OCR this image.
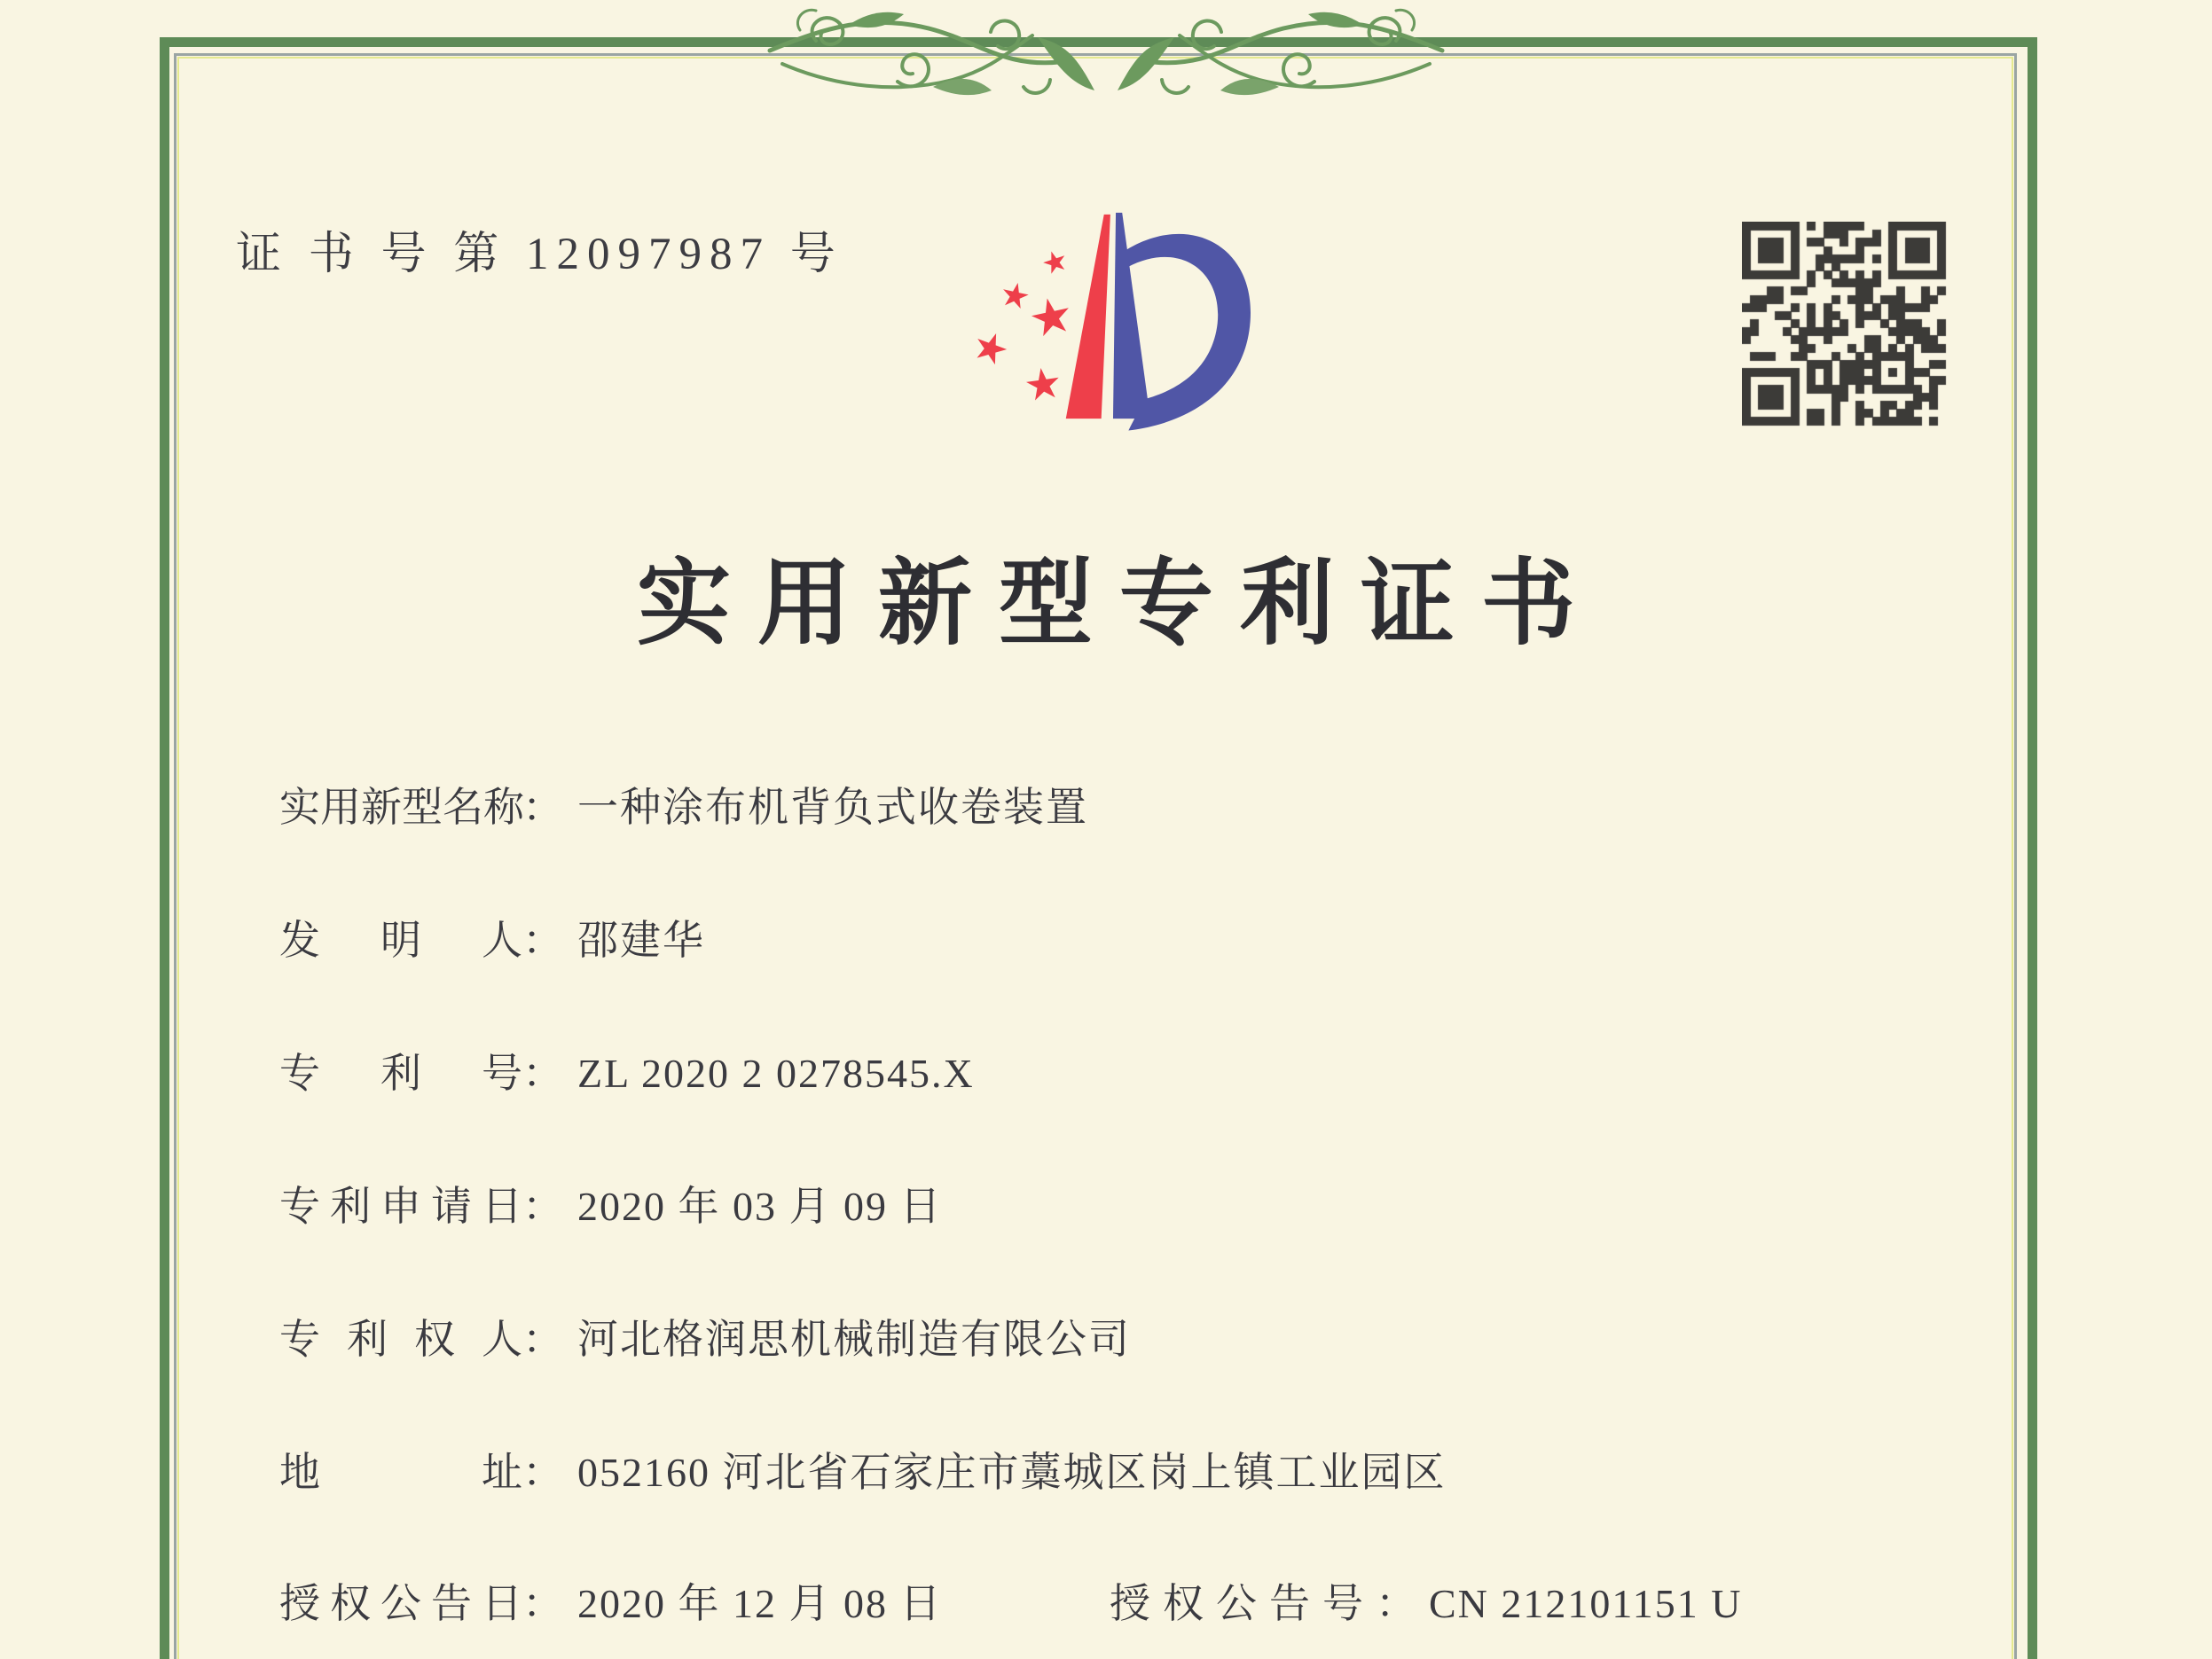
证 书 号 第 12097987 号
实用新型专利证书
实用新型名称： 一种涂布机背负式收卷装置
发明人： 邵建华
专利号： ZL 2020 2 0278545.X
专利申请日： 2020 年 03 月 09 日
专利权人： 河北格润思机械制造有限公司
地址： 052160 河北省石家庄市藁城区岗上镇工业园区
授权公告日： 2020 年 12 月 08 日	授权公告号： CN 212101151 U
